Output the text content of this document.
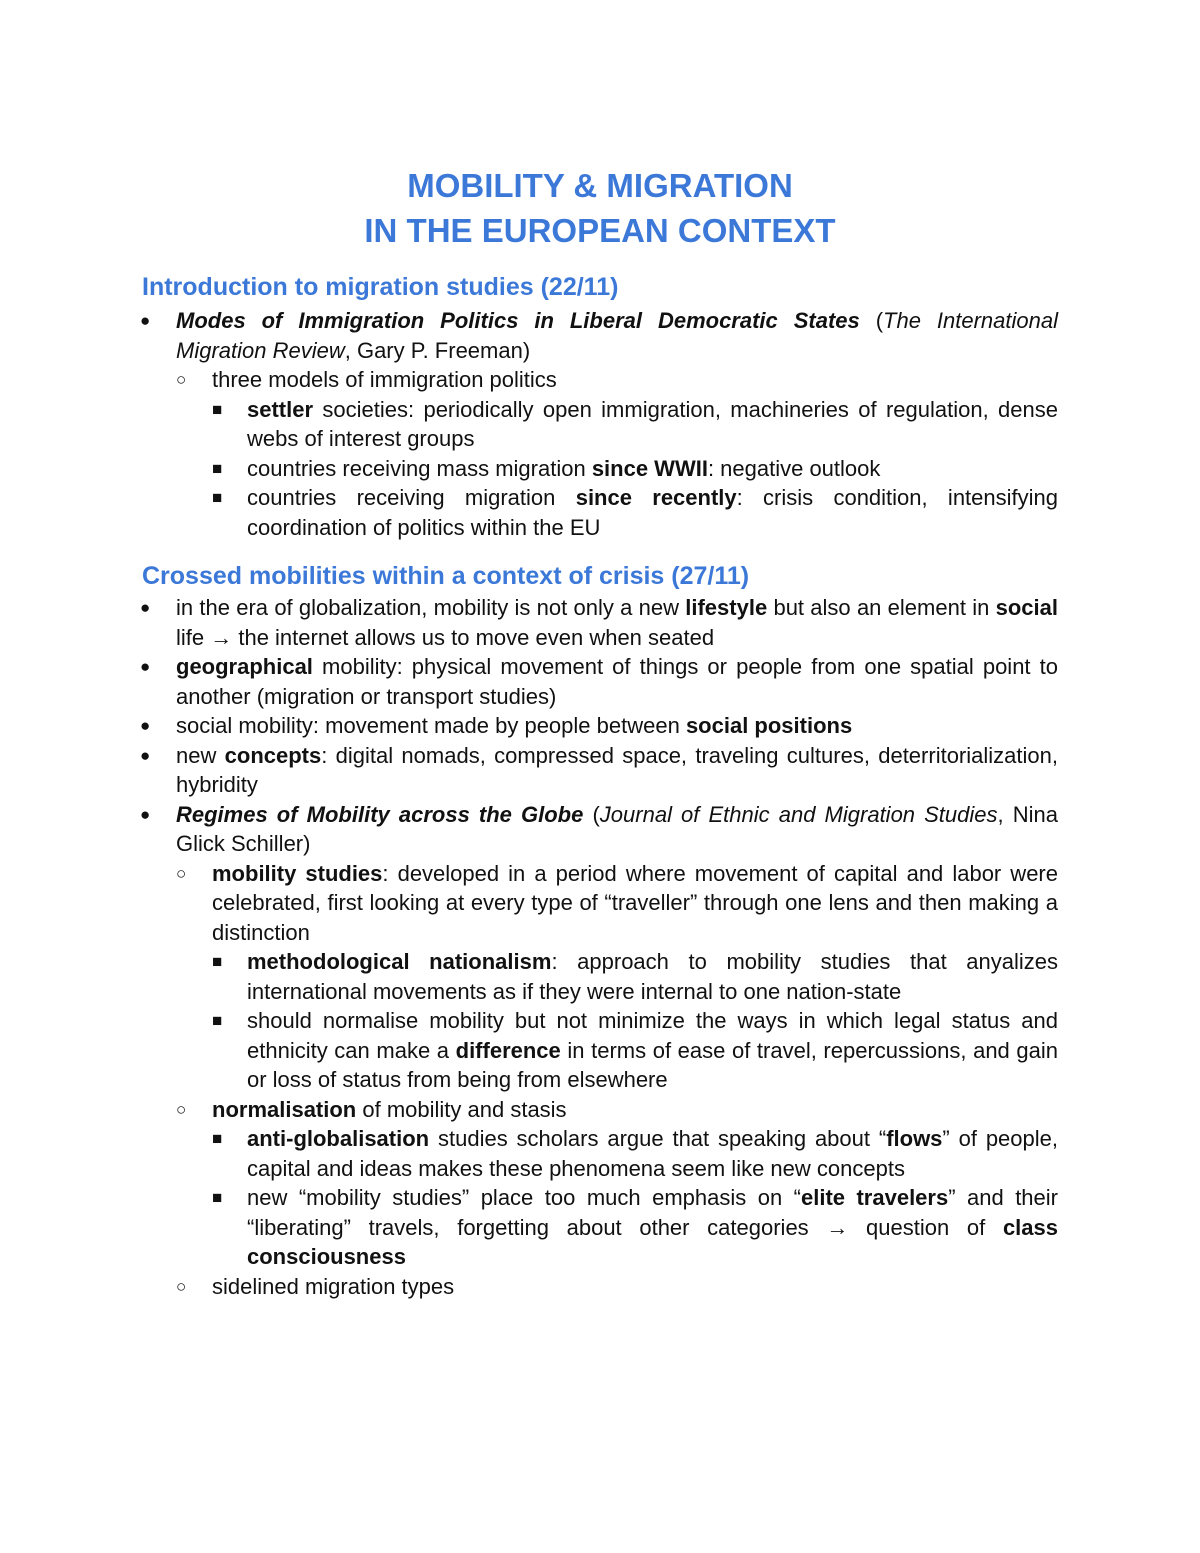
MOBILITY & MIGRATION
IN THE EUROPEAN CONTEXT
Introduction to migration studies (22/11)
● Modes of Immigration Politics in Liberal Democratic States (The International Migration Review, Gary P. Freeman)
○ three models of immigration politics
■ settler societies: periodically open immigration, machineries of regulation, dense webs of interest groups
■ countries receiving mass migration since WWII: negative outlook
■ countries receiving migration since recently: crisis condition, intensifying coordination of politics within the EU
Crossed mobilities within a context of crisis (27/11)
● in the era of globalization, mobility is not only a new lifestyle but also an element in social life → the internet allows us to move even when seated
● geographical mobility: physical movement of things or people from one spatial point to another (migration or transport studies)
● social mobility: movement made by people between social positions
● new concepts: digital nomads, compressed space, traveling cultures, deterritorialization, hybridity
● Regimes of Mobility across the Globe (Journal of Ethnic and Migration Studies, Nina Glick Schiller)
○ mobility studies: developed in a period where movement of capital and labor were celebrated, first looking at every type of “traveller” through one lens and then making a distinction
■ methodological nationalism: approach to mobility studies that anyalizes international movements as if they were internal to one nation-state
■ should normalise mobility but not minimize the ways in which legal status and ethnicity can make a difference in terms of ease of travel, repercussions, and gain or loss of status from being from elsewhere
○ normalisation of mobility and stasis
■ anti-globalisation studies scholars argue that speaking about “flows” of people, capital and ideas makes these phenomena seem like new concepts
■ new “mobility studies” place too much emphasis on “elite travelers” and their “liberating” travels, forgetting about other categories → question of class consciousness
○ sidelined migration types
